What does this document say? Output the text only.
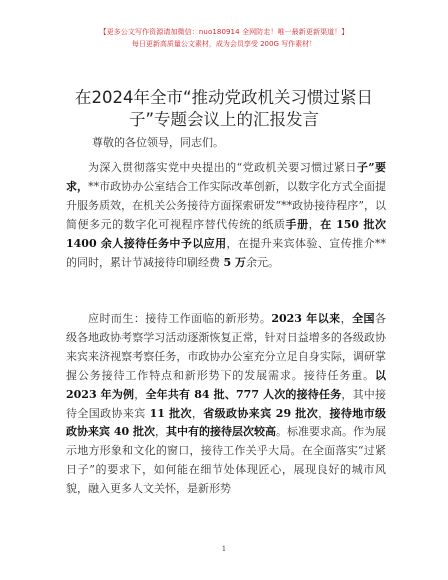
【更多公文写作资源请加微信：nuo180914 全网防走！唯一最新更新渠道！】
每日更新高质量公文素材，成为会员享受 200G 写作素材！
在2024年全市“推动党政机关习惯过紧日
子”专题会议上的汇报发言
尊敬的各位领导，同志们。
为深入贯彻落实党中央提出的“党政机关要习惯过紧日子”要求，**市政协办公室结合工作实际改革创新，以数字化方式全面提升服务质效，在机关公务接待方面探索研发“**政协接待程序”，以简便多元的数字化可视程序替代传统的纸质手册，在 150 批次 1400 余人接待任务中予以应用，在提升来宾体验、宣传推介**的同时，累计节减接待印刷经费 5 万余元。
应时而生：接待工作面临的新形势。2023 年以来，全国各级各地政协考察学习活动逐渐恢复正常，针对日益增多的各级政协来宾来济视察考察任务，市政协办公室充分立足自身实际，调研掌握公务接待工作特点和新形势下的发展需求。接待任务重。以 2023 年为例，全年共有 84 批、777 人次的接待任务，其中接待全国政协来宾 11 批次，省级政协来宾 29 批次，接待地市级政协来宾 40 批次，其中有的接待层次较高。标准要求高。作为展示地方形象和文化的窗口，接待工作关乎大局。在全面落实“过紧日子”的要求下，如何能在细节处体现匠心，展现良好的城市风貌，融入更多人文关怀，是新形势
1
